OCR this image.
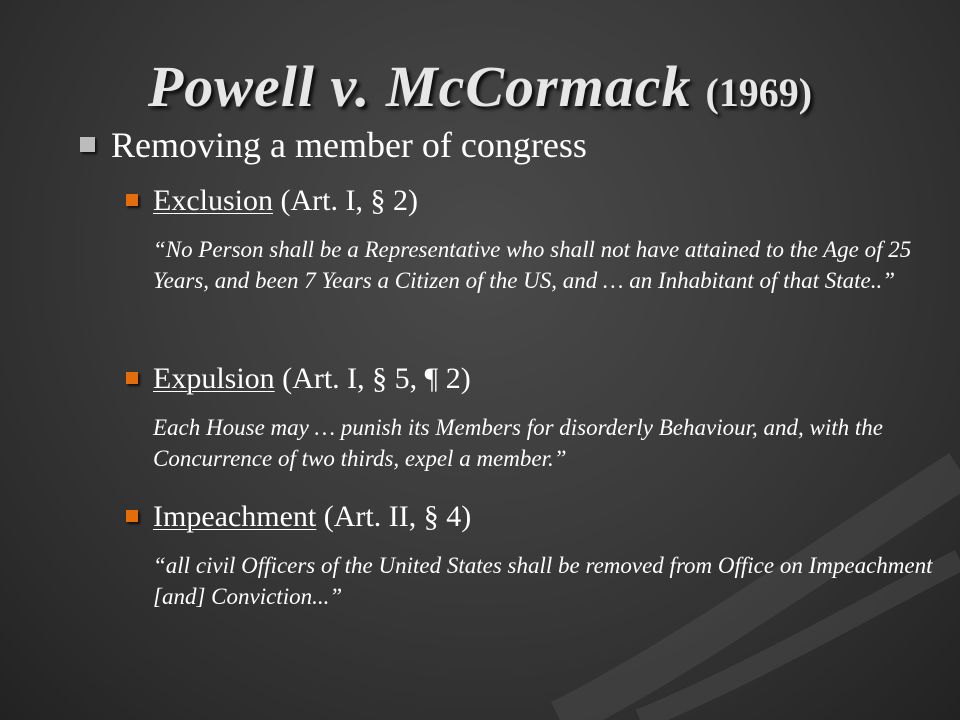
Powell v. McCormack (1969)
Removing a member of congress
Exclusion (Art. I, § 2)
“No Person shall be a Representative who shall not have attained to the Age of 25 Years, and been 7 Years a Citizen of the US, and … an Inhabitant of that State..”
Expulsion (Art. I, § 5, ¶ 2)
Each House may … punish its Members for disorderly Behaviour, and, with the Concurrence of two thirds, expel a member.”
Impeachment (Art. II, § 4)
“all civil Officers of the United States shall be removed from Office on Impeachment [and] Conviction...”
